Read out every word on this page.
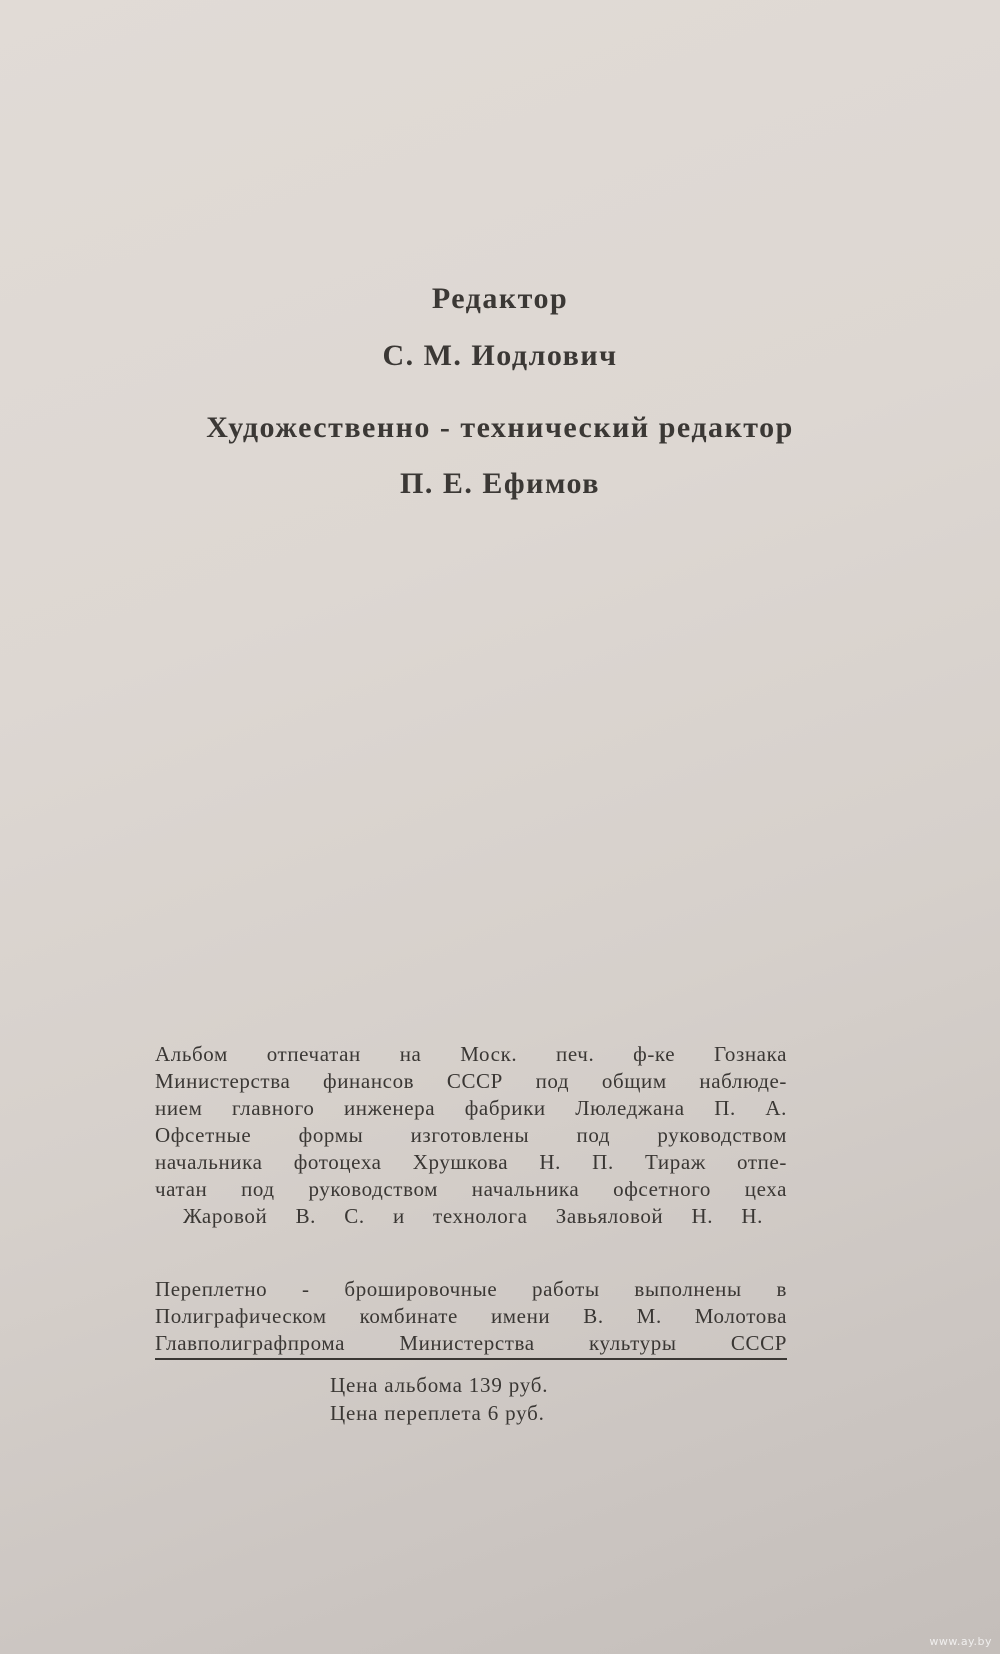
Редактор
С. М. Иодлович
Художественно - технический редактор
П. Е. Ефимов
Альбом отпечатан на Моск. печ. ф-ке Гознака
Министерства финансов СССР под общим наблюде-
нием главного инженера фабрики Люледжана П. А.
Офсетные формы изготовлены под руководством
начальника фотоцеха Хрушкова Н. П. Тираж отпе-
чатан под руководством начальника офсетного цеха
Жаровой В. С. и технолога Завьяловой Н. Н.
Переплетно - брошировочные работы выполнены в
Полиграфическом комбинате имени В. М. Молотова
Главполиграфпрома Министерства культуры СССР
Цена альбома 139 руб.
Цена переплета 6 руб.
www.ay.by
